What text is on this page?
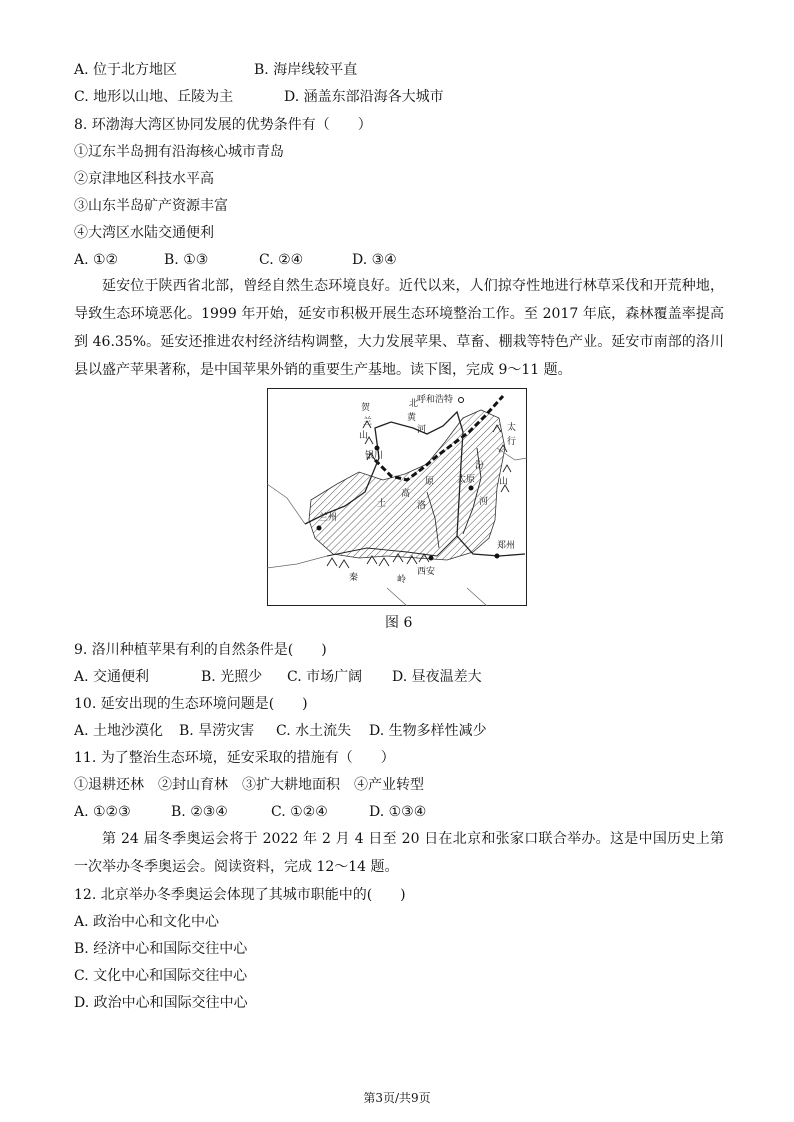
A. 位于北方地区	B. 海岸线较平直
C. 地形以山地、丘陵为主	D. 涵盖东部沿海各大城市
8. 环渤海大湾区协同发展的优势条件有（　　）
①辽东半岛拥有沿海核心城市青岛
②京津地区科技水平高
③山东半岛矿产资源丰富
④大湾区水陆交通便利
A. ①②	B. ①③	C. ②④	D. ③④
延安位于陕西省北部，曾经自然生态环境良好。近代以来，人们掠夺性地进行林草采伐和开荒种地，导致生态环境恶化。1999 年开始，延安市积极开展生态环境整治工作。至 2017 年底，森林覆盖率提高到 46.35%。延安还推进农村经济结构调整，大力发展苹果、草畜、棚栽等特色产业。延安市南部的洛川县以盛产苹果著称，是中国苹果外销的重要生产基地。读下图，完成 9～11 题。
呼和浩特
贺
兰
山
银川
兰州
西安
郑州
秦	岭
太
行
山
太原
汾
河
北
洛
黄
河
土
高
原
图 6
9. 洛川种植苹果有利的自然条件是(　　)
A. 交通便利	B. 光照少 C. 市场广阔 D. 昼夜温差大
10. 延安出现的生态环境问题是(　　)
A. 土地沙漠化 B. 旱涝灾害 C. 水土流失 D. 生物多样性减少
11. 为了整治生态环境，延安采取的措施有（　　）
①退耕还林　②封山育林　③扩大耕地面积　④产业转型
A. ①②③	B. ②③④	C. ①②④	D. ①③④
第 24 届冬季奥运会将于 2022 年 2 月 4 日至 20 日在北京和张家口联合举办。这是中国历史上第一次举办冬季奥运会。阅读资料，完成 12～14 题。
12. 北京举办冬季奥运会体现了其城市职能中的(　　)
A. 政治中心和文化中心
B. 经济中心和国际交往中心
C. 文化中心和国际交往中心
D. 政治中心和国际交往中心
第3页/共9页
